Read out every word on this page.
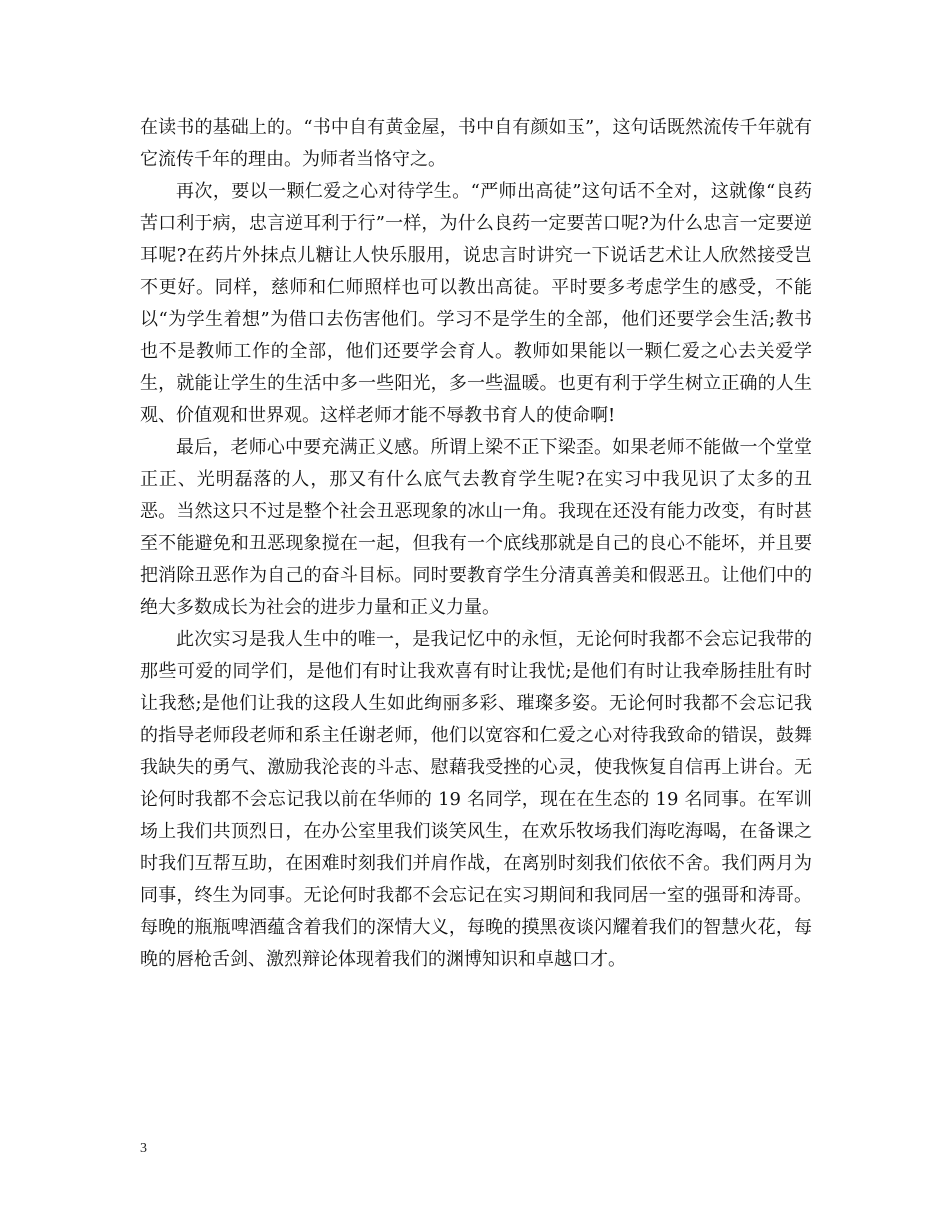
在读书的基础上的。“书中自有黄金屋，书中自有颜如玉”，这句话既然流传千年就有它流传千年的理由。为师者当恪守之。

再次，要以一颗仁爱之心对待学生。“严师出高徒”这句话不全对，这就像“良药苦口利于病，忠言逆耳利于行”一样，为什么良药一定要苦口呢?为什么忠言一定要逆耳呢?在药片外抹点儿糖让人快乐服用，说忠言时讲究一下说话艺术让人欣然接受岂不更好。同样，慈师和仁师照样也可以教出高徒。平时要多考虑学生的感受，不能以“为学生着想”为借口去伤害他们。学习不是学生的全部，他们还要学会生活;教书也不是教师工作的全部，他们还要学会育人。教师如果能以一颗仁爱之心去关爱学生，就能让学生的生活中多一些阳光，多一些温暖。也更有利于学生树立正确的人生观、价值观和世界观。这样老师才能不辱教书育人的使命啊!

最后，老师心中要充满正义感。所谓上梁不正下梁歪。如果老师不能做一个堂堂正正、光明磊落的人，那又有什么底气去教育学生呢?在实习中我见识了太多的丑恶。当然这只不过是整个社会丑恶现象的冰山一角。我现在还没有能力改变，有时甚至不能避免和丑恶现象搅在一起，但我有一个底线那就是自己的良心不能坏，并且要把消除丑恶作为自己的奋斗目标。同时要教育学生分清真善美和假恶丑。让他们中的绝大多数成长为社会的进步力量和正义力量。

此次实习是我人生中的唯一，是我记忆中的永恒，无论何时我都不会忘记我带的那些可爱的同学们，是他们有时让我欢喜有时让我忧;是他们有时让我牵肠挂肚有时让我愁;是他们让我的这段人生如此绚丽多彩、璀璨多姿。无论何时我都不会忘记我的指导老师段老师和系主任谢老师，他们以宽容和仁爱之心对待我致命的错误，鼓舞我缺失的勇气、激励我沦丧的斗志、慰藉我受挫的心灵，使我恢复自信再上讲台。无论何时我都不会忘记我以前在华师的 19 名同学，现在在生态的 19 名同事。在军训场上我们共顶烈日，在办公室里我们谈笑风生，在欢乐牧场我们海吃海喝，在备课之时我们互帮互助，在困难时刻我们并肩作战，在离别时刻我们依依不舍。我们两月为同事，终生为同事。无论何时我都不会忘记在实习期间和我同居一室的强哥和涛哥。每晚的瓶瓶啤酒蕴含着我们的深情大义，每晚的摸黑夜谈闪耀着我们的智慧火花，每晚的唇枪舌剑、激烈辩论体现着我们的渊博知识和卓越口才。

3
